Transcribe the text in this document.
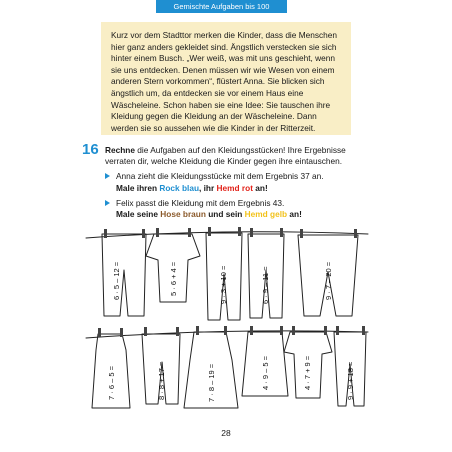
Gemischte Aufgaben bis 100

Kurz vor dem Stadttor merken die Kinder, dass die Menschen hier ganz anders gekleidet sind. Ängstlich verstecken sie sich hinter einem Busch. „Wer weiß, was mit uns geschieht, wenn sie uns entdecken. Denen müssen wir wie Wesen von einem anderen Stern vorkommen“, flüstert Anna. Sie blicken sich ängstlich um, da entdecken sie vor einem Haus eine Wäscheleine. Schon haben sie eine Idee: Sie tauschen ihre Kleidung gegen die Kleidung an der Wäscheleine. Dann werden sie so aussehen wie die Kinder in der Ritterzeit.

16 Rechne die Aufgaben auf den Kleidungsstücken! Ihre Ergebnisse verraten dir, welche Kleidung die Kinder gegen ihre eintauschen.

Anna zieht die Kleidungsstücke mit dem Ergebnis 37 an.
Male ihren Rock blau, ihr Hemd rot an!

Felix passt die Kleidung mit dem Ergebnis 43.
Male seine Hose braun und sein Hemd gelb an!

6 · 5 – 12 =	5 · 6 + 4 =	9 · 3 + 10 =	6 · 9 – 11 =	9 · 7 – 20 =
7 · 6 – 5 =	8 · 8 + 17 =	7 · 8 – 19 =	4 · 9 – 5 =	4 · 7 + 9 =	9 · 9 + 18 =
28
